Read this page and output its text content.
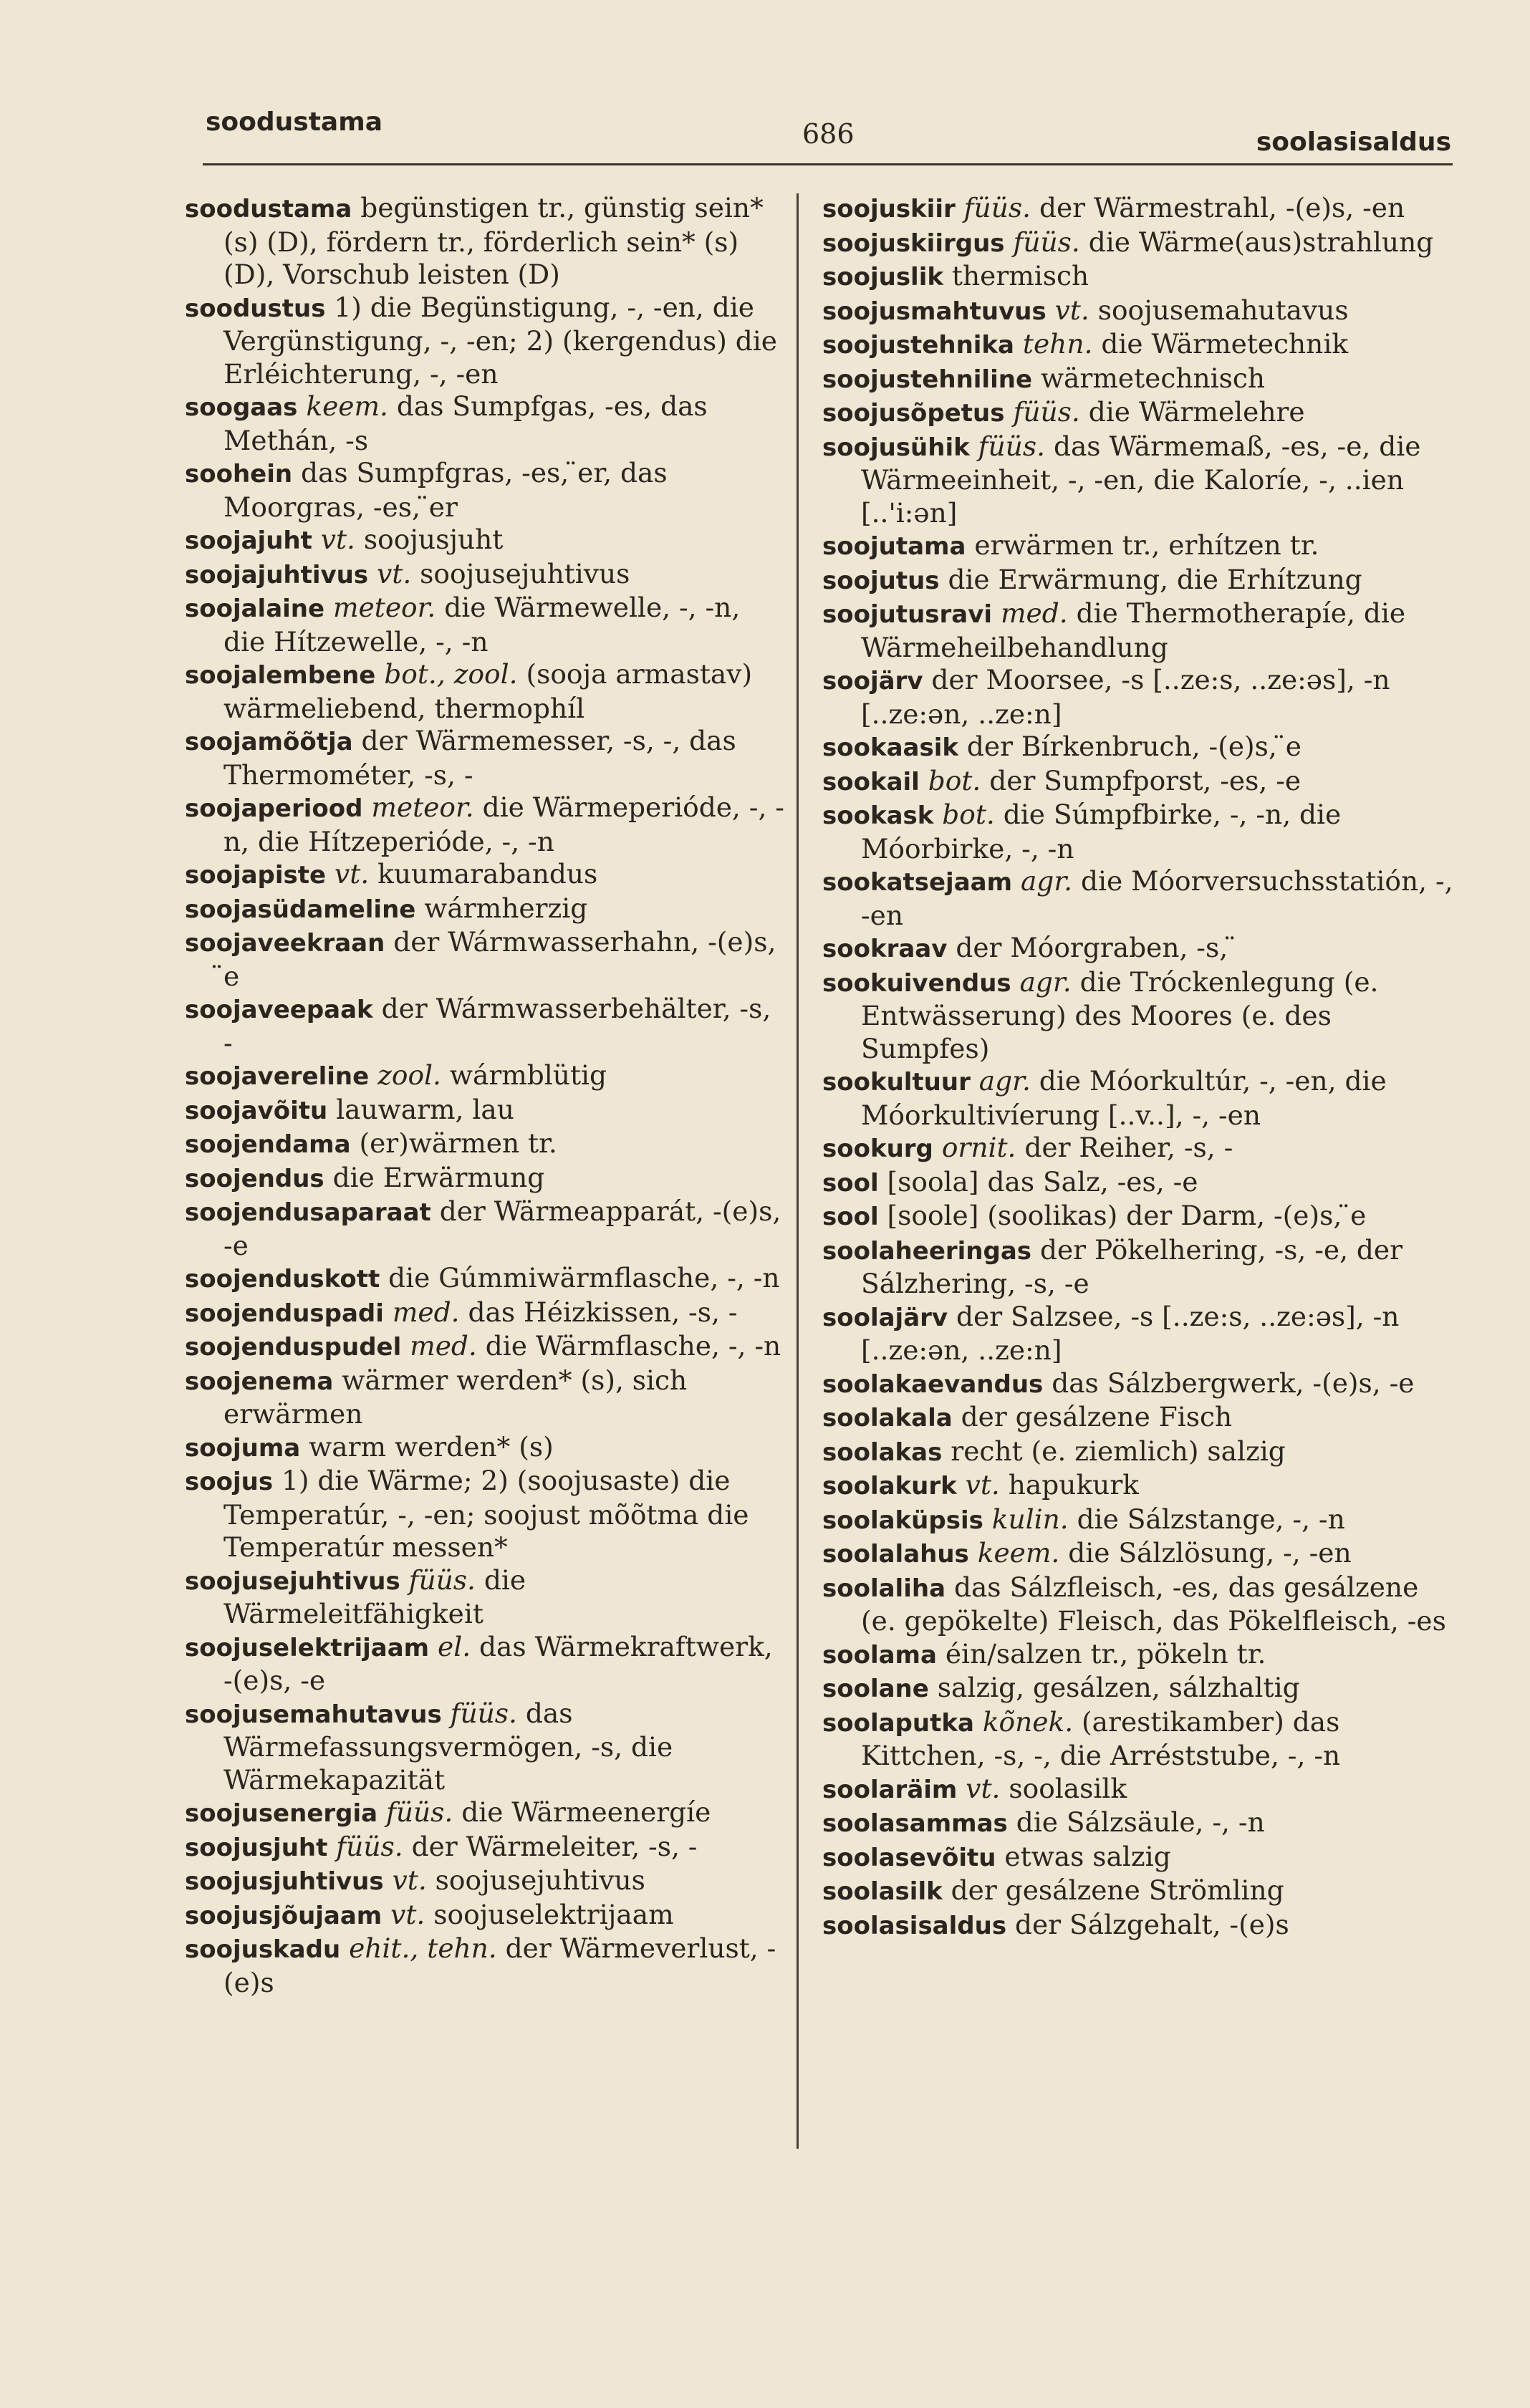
soodustama	686	soolasisaldus

soodustama begünstigen tr., günstig sein* (s) (D), fördern tr., förderlich sein* (s) (D), Vorschub leisten (D)

soodustus 1) die Begünstigung, -, -en, die Vergünstigung, -, -en; 2) (kergendus) die Erléichterung, -, -en

soogaas keem. das Sumpfgas, -es, das Methán, -s

soohein das Sumpfgras, -es, ̈er, das Moorgras, -es, ̈er

soojajuht vt. soojusjuht

soojajuhtivus vt. soojusejuhtivus

soojalaine meteor. die Wärmewelle, -, -n, die Hítzewelle, -, -n

soojalembene bot., zool. (sooja armastav) wärmeliebend, thermophíl

soojamõõtja der Wärmemesser, -s, -, das Thermométer, -s, -

soojaperiood meteor. die Wärmeperióde, -, -n, die Hítzeperióde, -, -n

soojapiste vt. kuumarabandus

soojasüdameline wármherzig

soojaveekraan der Wármwasserhahn, -(e)s, ̈e

soojaveepaak der Wármwasserbehälter, -s, -

soojavereline zool. wármblütig

soojavõitu lauwarm, lau

soojendama (er)wärmen tr.

soojendus die Erwärmung

soojendusaparaat der Wärmeapparát, -(e)s, -e

soojenduskott die Gúmmiwärmflasche, -, -n

soojenduspadi med. das Héizkissen, -s, -

soojenduspudel med. die Wärmflasche, -, -n

soojenema wärmer werden* (s), sich erwärmen

soojuma warm werden* (s)

soojus 1) die Wärme; 2) (soojusaste) die Temperatúr, -, -en; soojust mõõtma die Temperatúr messen*

soojusejuhtivus füüs. die Wärmeleitfähigkeit

soojuselektrijaam el. das Wärmekraftwerk, -(e)s, -e

soojusemahutavus füüs. das Wärmefassungsvermögen, -s, die Wärmekapazität

soojusenergia füüs. die Wärmeenergíe

soojusjuht füüs. der Wärmeleiter, -s, -

soojusjuhtivus vt. soojusejuhtivus

soojusjõujaam vt. soojuselektrijaam

soojuskadu ehit., tehn. der Wärmeverlust, -(e)s

soojuskiir füüs. der Wärmestrahl, -(e)s, -en

soojuskiirgus füüs. die Wärme(aus)strahlung

soojuslik thermisch

soojusmahtuvus vt. soojusemahutavus

soojustehnika tehn. die Wärmetechnik

soojustehniline wärmetechnisch

soojusõpetus füüs. die Wärmelehre

soojusühik füüs. das Wärmemaß, -es, -e, die Wärmeeinheit, -, -en, die Kaloríe, -, ..ien [..'i:ən]

soojutama erwärmen tr., erhítzen tr.

soojutus die Erwärmung, die Erhítzung

soojutusravi med. die Thermotherapíe, die Wärmeheilbehandlung

soojärv der Moorsee, -s [..ze:s, ..ze:əs], -n [..ze:ən, ..ze:n]

sookaasik der Bírkenbruch, -(e)s, ̈e

sookail bot. der Sumpfporst, -es, -e

sookask bot. die Súmpfbirke, -, -n, die Móorbirke, -, -n

sookatsejaam agr. die Móorversuchsstatión, -, -en

sookraav der Móorgraben, -s, ̈

sookuivendus agr. die Tróckenlegung (e. Entwässerung) des Moores (e. des Sumpfes)

sookultuur agr. die Móorkultúr, -, -en, die Móorkultivíerung [..v..], -, -en

sookurg ornit. der Reiher, -s, -

sool [soola] das Salz, -es, -e

sool [soole] (soolikas) der Darm, -(e)s, ̈e

soolaheeringas der Pökelhering, -s, -e, der Sálzhering, -s, -e

soolajärv der Salzsee, -s [..ze:s, ..ze:əs], -n [..ze:ən, ..ze:n]

soolakaevandus das Sálzbergwerk, -(e)s, -e

soolakala der gesálzene Fisch

soolakas recht (e. ziemlich) salzig

soolakurk vt. hapukurk

soolaküpsis kulin. die Sálzstange, -, -n

soolalahus keem. die Sálzlösung, -, -en

soolaliha das Sálzfleisch, -es, das gesálzene (e. gepökelte) Fleisch, das Pökelfleisch, -es

soolama éin/salzen tr., pökeln tr.

soolane salzig, gesálzen, sálzhaltig

soolaputka kõnek. (arestikamber) das Kittchen, -s, -, die Arréststube, -, -n

soolaräim vt. soolasilk

soolasammas die Sálzsäule, -, -n

soolasevõitu etwas salzig

soolasilk der gesálzene Strömling

soolasisaldus der Sálzgehalt, -(e)s
